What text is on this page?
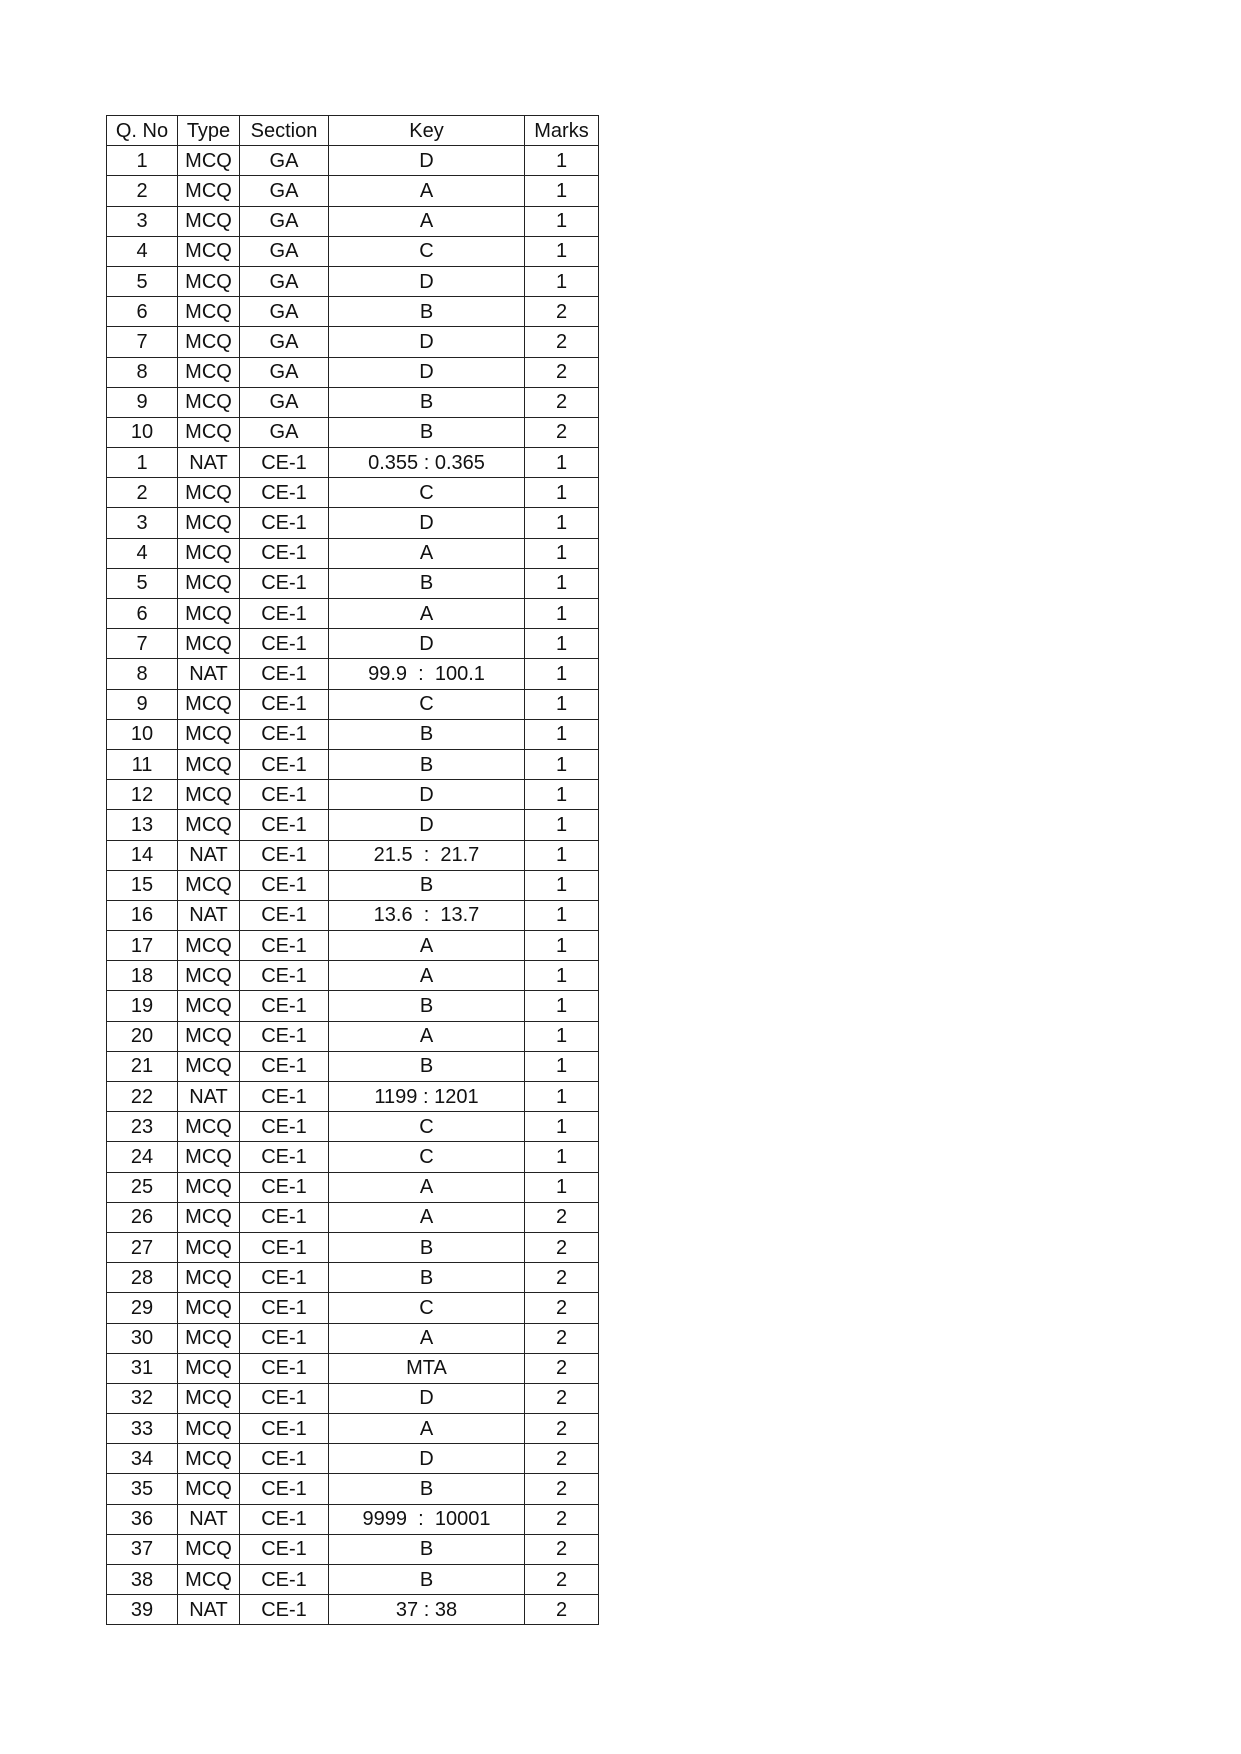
Q. No	Type	Section	Key	Marks
1	MCQ	GA	D	1
2	MCQ	GA	A	1
3	MCQ	GA	A	1
4	MCQ	GA	C	1
5	MCQ	GA	D	1
6	MCQ	GA	B	2
7	MCQ	GA	D	2
8	MCQ	GA	D	2
9	MCQ	GA	B	2
10	MCQ	GA	B	2
1	NAT	CE-1	0.355 : 0.365	1
2	MCQ	CE-1	C	1
3	MCQ	CE-1	D	1
4	MCQ	CE-1	A	1
5	MCQ	CE-1	B	1
6	MCQ	CE-1	A	1
7	MCQ	CE-1	D	1
8	NAT	CE-1	99.9  :  100.1	1
9	MCQ	CE-1	C	1
10	MCQ	CE-1	B	1
11	MCQ	CE-1	B	1
12	MCQ	CE-1	D	1
13	MCQ	CE-1	D	1
14	NAT	CE-1	21.5  :  21.7	1
15	MCQ	CE-1	B	1
16	NAT	CE-1	13.6  :  13.7	1
17	MCQ	CE-1	A	1
18	MCQ	CE-1	A	1
19	MCQ	CE-1	B	1
20	MCQ	CE-1	A	1
21	MCQ	CE-1	B	1
22	NAT	CE-1	1199 : 1201	1
23	MCQ	CE-1	C	1
24	MCQ	CE-1	C	1
25	MCQ	CE-1	A	1
26	MCQ	CE-1	A	2
27	MCQ	CE-1	B	2
28	MCQ	CE-1	B	2
29	MCQ	CE-1	C	2
30	MCQ	CE-1	A	2
31	MCQ	CE-1	MTA	2
32	MCQ	CE-1	D	2
33	MCQ	CE-1	A	2
34	MCQ	CE-1	D	2
35	MCQ	CE-1	B	2
36	NAT	CE-1	9999  :  10001	2
37	MCQ	CE-1	B	2
38	MCQ	CE-1	B	2
39	NAT	CE-1	37 : 38	2
